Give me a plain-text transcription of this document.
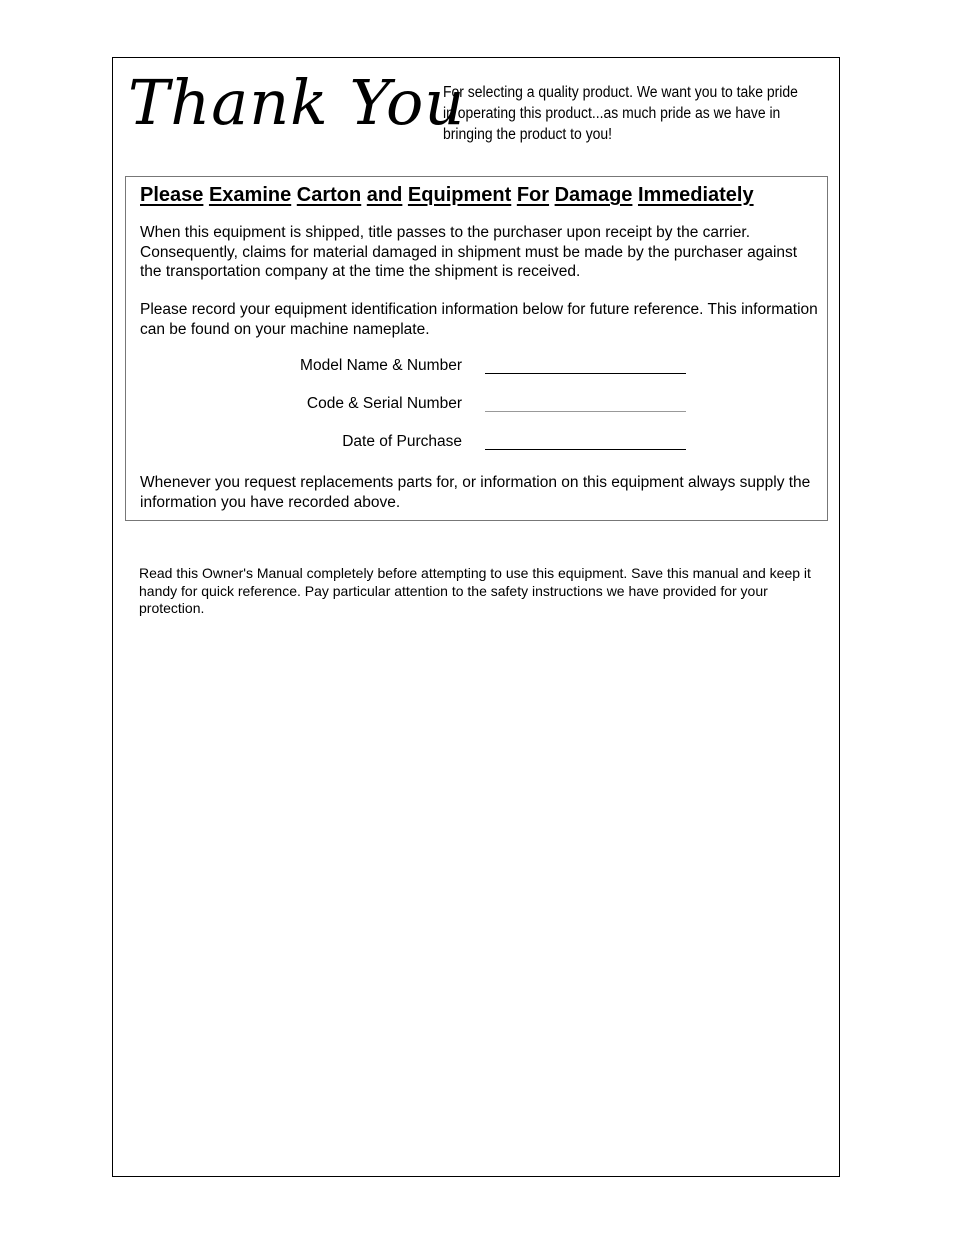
Thank You
For selecting a quality product. We want you to take pride in operating this product...as much pride as we have in bringing the product to you!
Please Examine Carton and Equipment For Damage Immediately

When this equipment is shipped, title passes to the purchaser upon receipt by the carrier. Consequently, claims for material damaged in shipment must be made by the purchaser against the transportation company at the time the shipment is received.

Please record your equipment identification information below for future reference. This information can be found on your machine nameplate.

Model Name & Number
Code & Serial Number
Date of Purchase

Whenever you request replacements parts for, or information on this equipment always supply the information you have recorded above.

Read this Owner's Manual completely before attempting to use this equipment. Save this manual and keep it handy for quick reference. Pay particular attention to the safety instructions we have provided for your protection.
